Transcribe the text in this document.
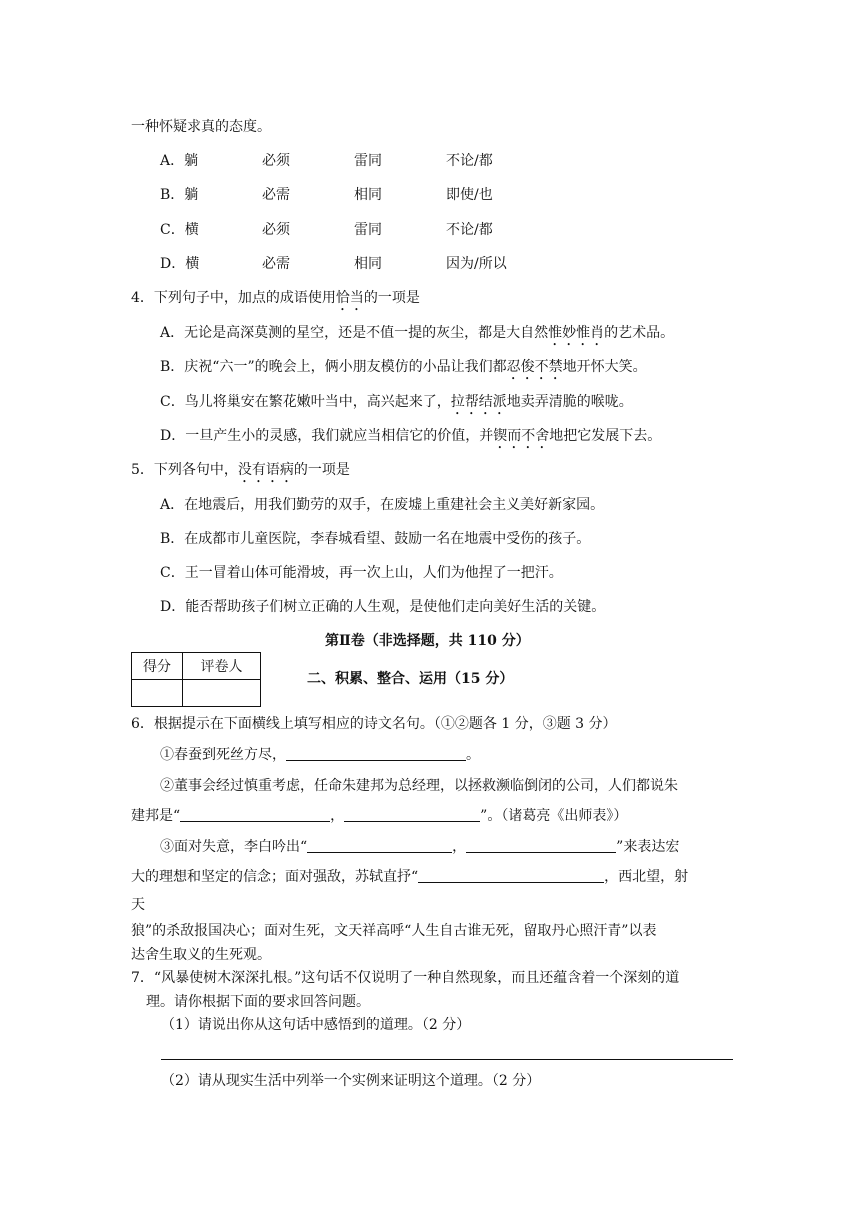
一种怀疑求真的态度。
A．躺	必须	雷同	不论/都
B．躺	必需	相同	即使/也
C．横	必须	雷同	不论/都
D．横	必需	相同	因为/所以
4．下列句子中，加点的成语使用恰当的一项是
A．无论是高深莫测的星空，还是不值一提的灰尘，都是大自然惟妙惟肖的艺术品。
B．庆祝“六一”的晚会上，俩小朋友模仿的小品让我们都忍俊不禁地开怀大笑。
C．鸟儿将巢安在繁花嫩叶当中，高兴起来了，拉帮结派地卖弄清脆的喉咙。
D．一旦产生小的灵感，我们就应当相信它的价值，并锲而不舍地把它发展下去。
5．下列各句中，没有语病的一项是
A．在地震后，用我们勤劳的双手，在废墟上重建社会主义美好新家园。
B．在成都市儿童医院，李春城看望、鼓励一名在地震中受伤的孩子。
C．王一冒着山体可能滑坡，再一次上山，人们为他捏了一把汗。
D．能否帮助孩子们树立正确的人生观，是使他们走向美好生活的关键。
第Ⅱ卷（非选择题，共 110 分）
得分	评卷人

二、积累、整合、运用（15 分）
6．根据提示在下面横线上填写相应的诗文名句。（①②题各 1 分，③题 3 分）
①春蚕到死丝方尽，	。
②董事会经过慎重考虑，任命朱建邦为总经理，以拯救濒临倒闭的公司，人们都说朱
建邦是“	，	”。（诸葛亮《出师表》）
③面对失意，李白吟出“	，	”来表达宏
大的理想和坚定的信念；面对强敌，苏轼直抒“	，西北望，射
天
狼”的杀敌报国决心；面对生死，文天祥高呼“人生自古谁无死，留取丹心照汗青”以表
达舍生取义的生死观。
7．“风暴使树木深深扎根。”这句话不仅说明了一种自然现象，而且还蕴含着一个深刻的道
理。请你根据下面的要求回答问题。
（1）请说出你从这句话中感悟到的道理。（2 分）
（2）请从现实生活中列举一个实例来证明这个道理。（2 分）
